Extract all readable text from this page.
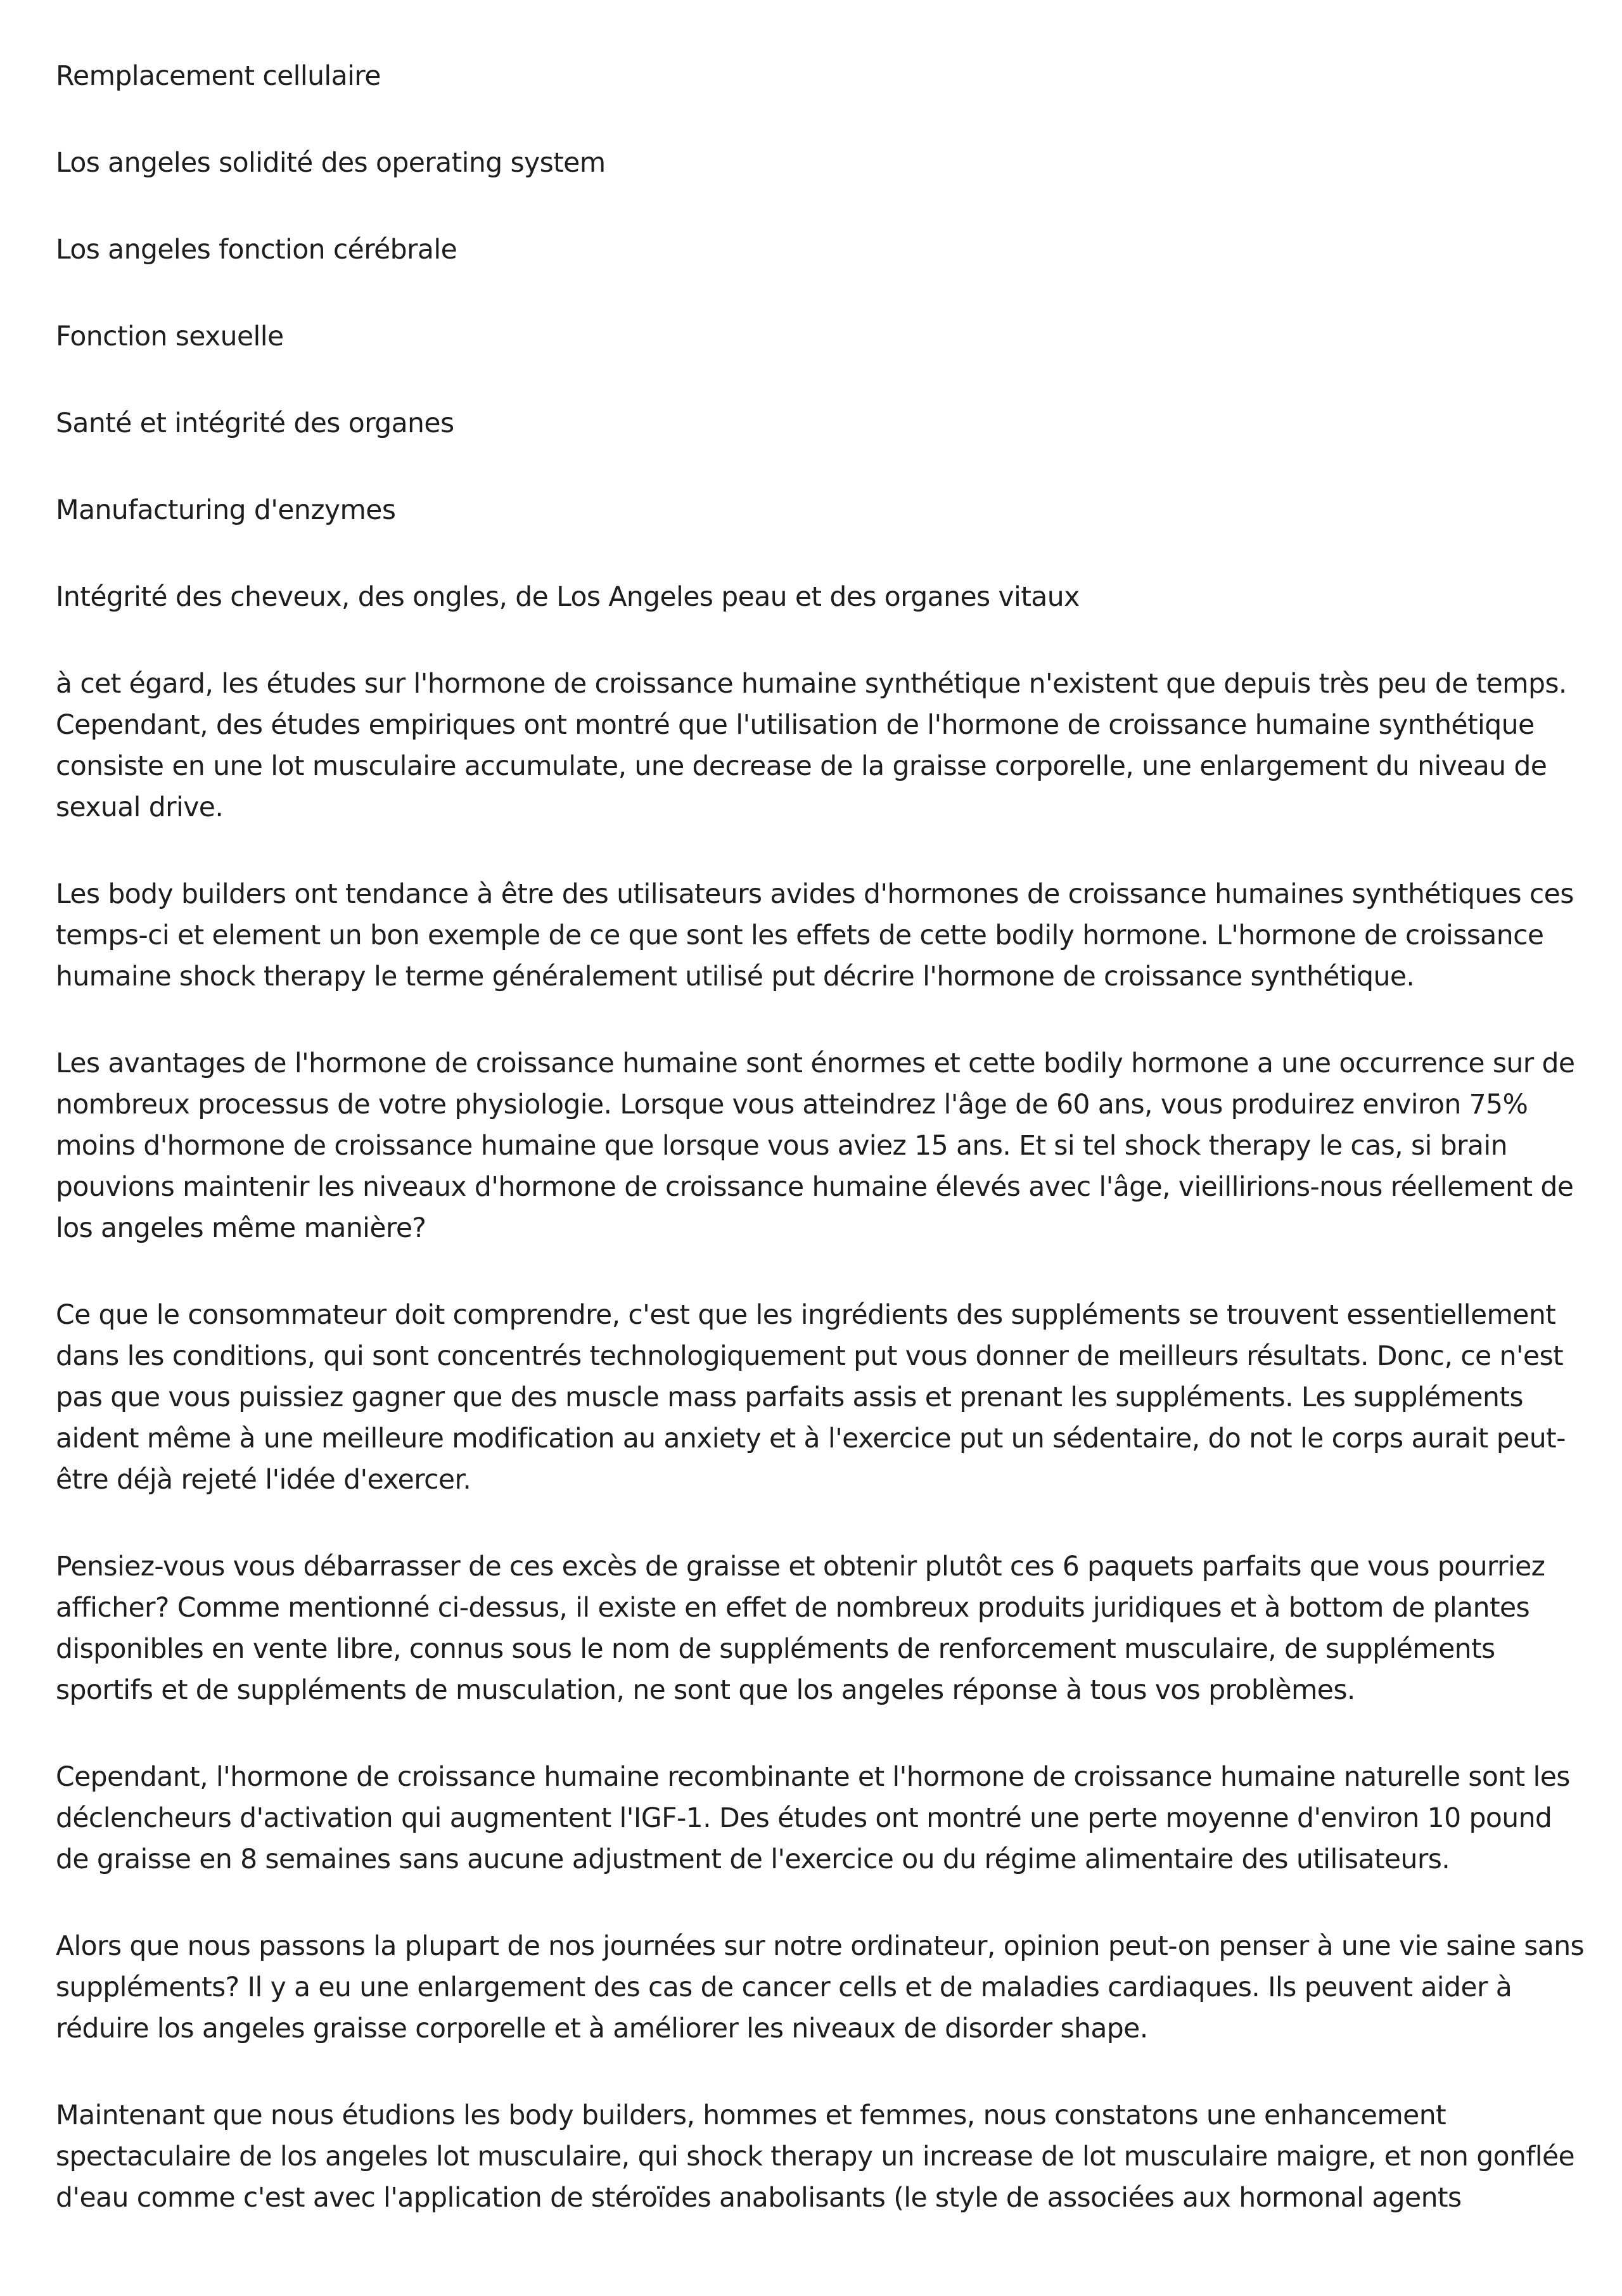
Remplacement cellulaire

Los angeles solidité des operating system

Los angeles fonction cérébrale

Fonction sexuelle

Santé et intégrité des organes

Manufacturing d'enzymes

Intégrité des cheveux, des ongles, de Los Angeles peau et des organes vitaux

à cet égard, les études sur l'hormone de croissance humaine synthétique n'existent que depuis très peu de temps. Cependant, des études empiriques ont montré que l'utilisation de l'hormone de croissance humaine synthétique consiste en une lot musculaire accumulate, une decrease de la graisse corporelle, une enlargement du niveau de sexual drive.

Les body builders ont tendance à être des utilisateurs avides d'hormones de croissance humaines synthétiques ces temps-ci et element un bon exemple de ce que sont les effets de cette bodily hormone. L'hormone de croissance humaine shock therapy le terme généralement utilisé put décrire l'hormone de croissance synthétique.

Les avantages de l'hormone de croissance humaine sont énormes et cette bodily hormone a une occurrence sur de nombreux processus de votre physiologie. Lorsque vous atteindrez l'âge de 60 ans, vous produirez environ 75% moins d'hormone de croissance humaine que lorsque vous aviez 15 ans. Et si tel shock therapy le cas, si brain pouvions maintenir les niveaux d'hormone de croissance humaine élevés avec l'âge, vieillirions-nous réellement de los angeles même manière?

Ce que le consommateur doit comprendre, c'est que les ingrédients des suppléments se trouvent essentiellement dans les conditions, qui sont concentrés technologiquement put vous donner de meilleurs résultats. Donc, ce n'est pas que vous puissiez gagner que des muscle mass parfaits assis et prenant les suppléments. Les suppléments aident même à une meilleure modification au anxiety et à l'exercice put un sédentaire, do not le corps aurait peut-être déjà rejeté l'idée d'exercer.

Pensiez-vous vous débarrasser de ces excès de graisse et obtenir plutôt ces 6 paquets parfaits que vous pourriez afficher? Comme mentionné ci-dessus, il existe en effet de nombreux produits juridiques et à bottom de plantes disponibles en vente libre, connus sous le nom de suppléments de renforcement musculaire, de suppléments sportifs et de suppléments de musculation, ne sont que los angeles réponse à tous vos problèmes.

Cependant, l'hormone de croissance humaine recombinante et l'hormone de croissance humaine naturelle sont les déclencheurs d'activation qui augmentent l'IGF-1. Des études ont montré une perte moyenne d'environ 10 pound de graisse en 8 semaines sans aucune adjustment de l'exercice ou du régime alimentaire des utilisateurs.

Alors que nous passons la plupart de nos journées sur notre ordinateur, opinion peut-on penser à une vie saine sans suppléments? Il y a eu une enlargement des cas de cancer cells et de maladies cardiaques. Ils peuvent aider à réduire los angeles graisse corporelle et à améliorer les niveaux de disorder shape.

Maintenant que nous étudions les body builders, hommes et femmes, nous constatons une enhancement spectaculaire de los angeles lot musculaire, qui shock therapy un increase de lot musculaire maigre, et non gonflée d'eau comme c'est avec l'application de stéroïdes anabolisants (le style de associées aux hormonal agents
